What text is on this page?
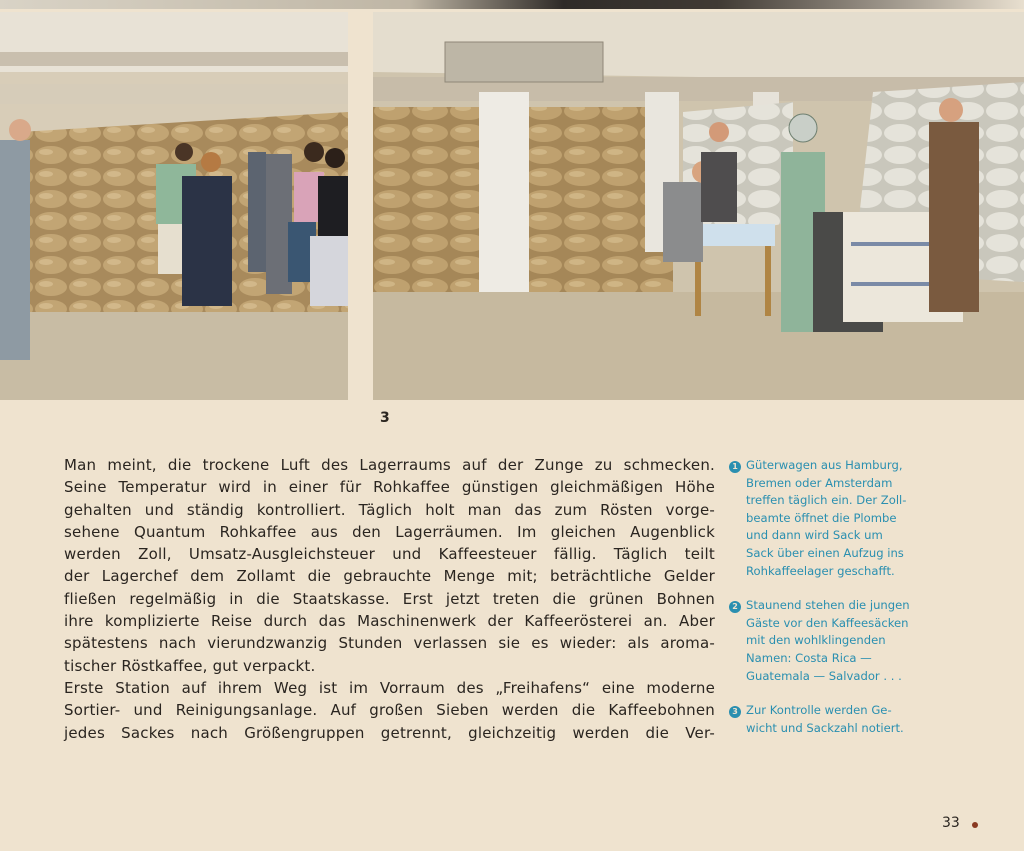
3
Man meint, die trockene Luft des Lagerraums auf der Zunge zu schmecken.
Seine Temperatur wird in einer für Rohkaffee günstigen gleichmäßigen Höhe
gehalten und ständig kontrolliert. Täglich holt man das zum Rösten vorge-
sehene Quantum Rohkaffee aus den Lagerräumen. Im gleichen Augenblick
werden Zoll, Umsatz-Ausgleichsteuer und Kaffeesteuer fällig. Täglich teilt
der Lagerchef dem Zollamt die gebrauchte Menge mit; beträchtliche Gelder
fließen regelmäßig in die Staatskasse. Erst jetzt treten die grünen Bohnen
ihre komplizierte Reise durch das Maschinenwerk der Kaffeerösterei an. Aber
spätestens nach vierundzwanzig Stunden verlassen sie es wieder: als aroma-
tischer Röstkaffee, gut verpackt.
Erste Station auf ihrem Weg ist im Vorraum des „Freihafens“ eine moderne
Sortier- und Reinigungsanlage. Auf großen Sieben werden die Kaffeebohnen
jedes Sackes nach Größengruppen getrennt, gleichzeitig werden die Ver-
1 Güterwagen aus Hamburg,
Bremen oder Amsterdam
treffen täglich ein. Der Zoll-
beamte öffnet die Plombe
und dann wird Sack um
Sack über einen Aufzug ins
Rohkaffeelager geschafft.
2 Staunend stehen die jungen
Gäste vor den Kaffeesäcken
mit den wohlklingenden
Namen: Costa Rica —
Guatemala — Salvador . . .
3 Zur Kontrolle werden Ge-
wicht und Sackzahl notiert.
33
